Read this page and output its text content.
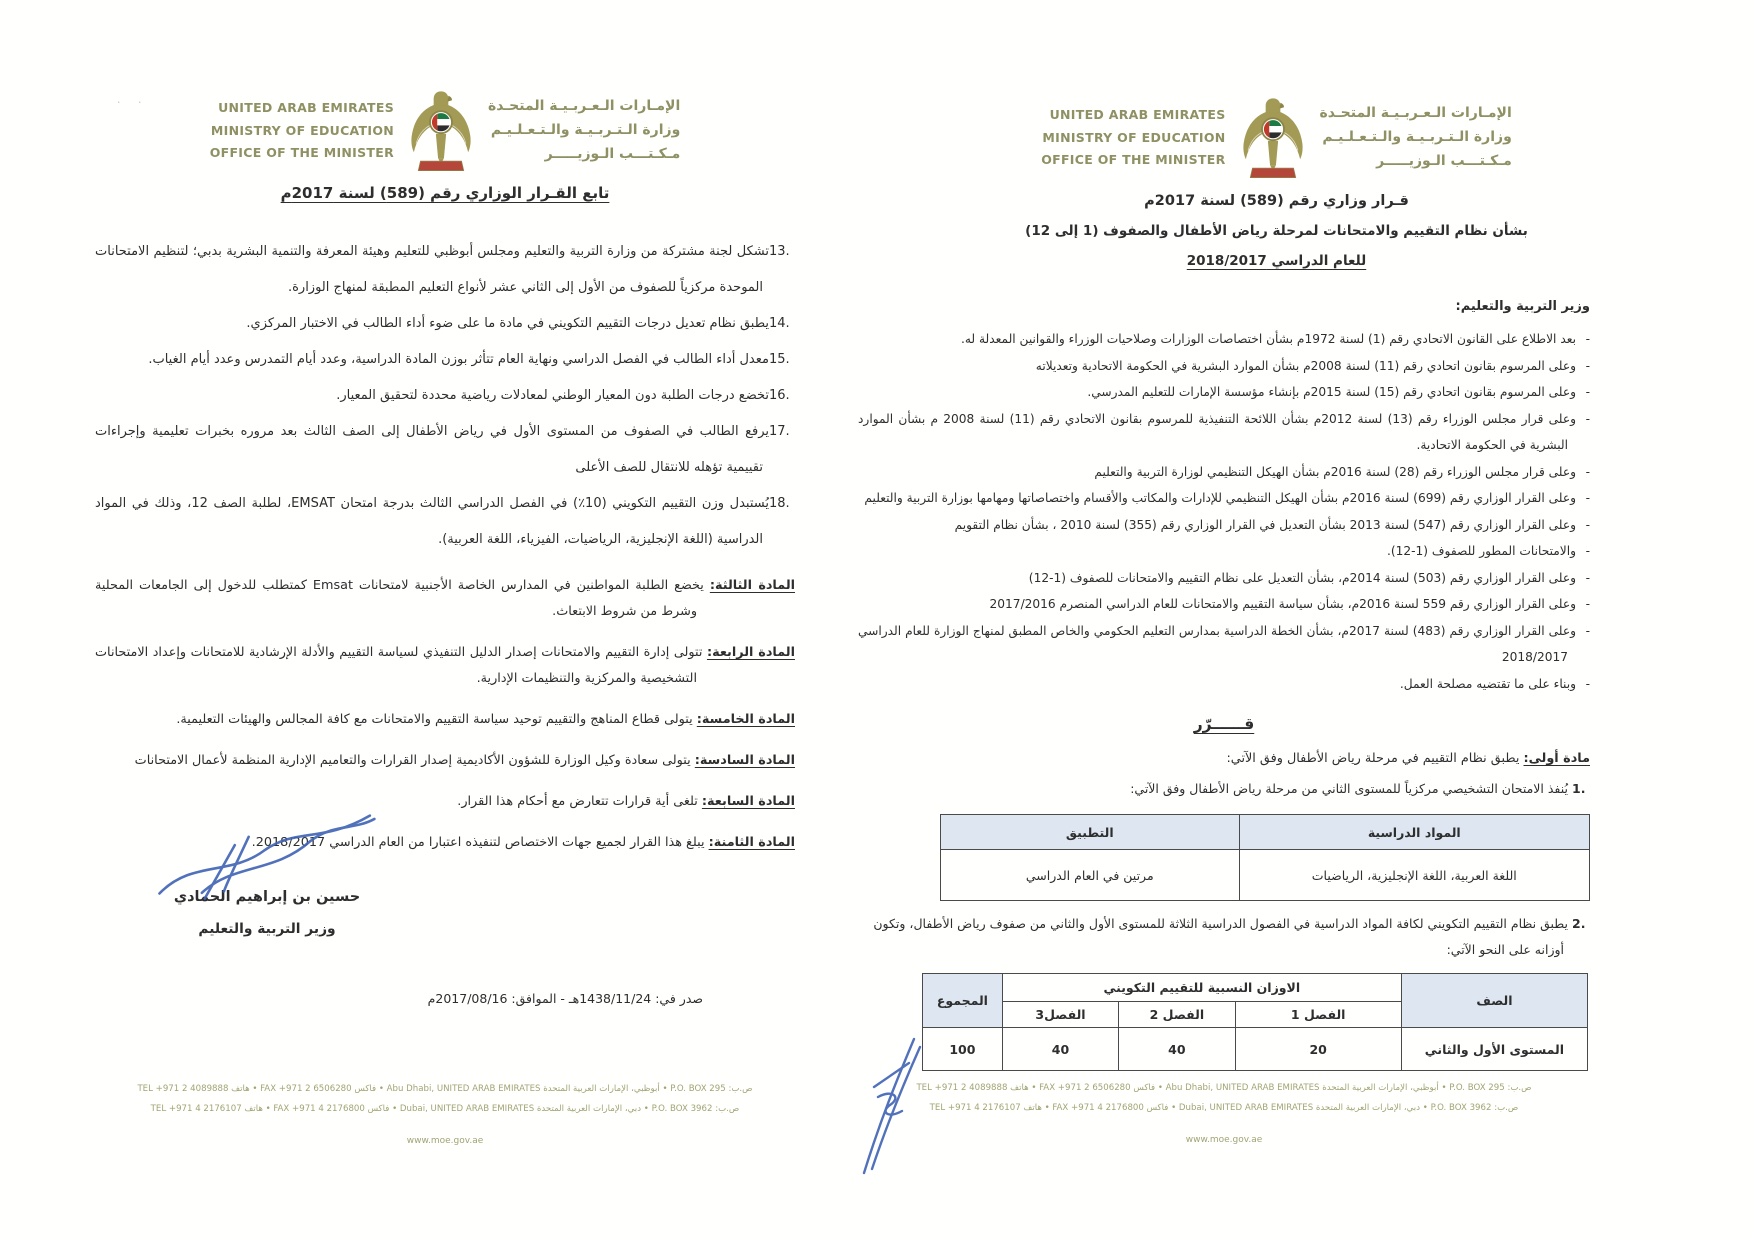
· ·	UNITED ARAB EMIRATES
MINISTRY OF EDUCATION
OFFICE OF THE MINISTER
الإمـارات الـعـربـيـة المتحـدة
وزارة الـتـربـيـة والـتـعـلـيـم
مـكـتـــب الـوزيـــــر
تابع القـرار الوزاري رقم (589) لسنة 2017م
13.تشكل لجنة مشتركة من وزارة التربية والتعليم ومجلس أبوظبي للتعليم وهيئة المعرفة والتنمية البشرية بدبي؛ لتنظيم الامتحانات الموحدة مركزياً للصفوف من الأول إلى الثاني عشر لأنواع التعليم المطبقة لمنهاج الوزارة.
14.يطبق نظام تعديل درجات التقييم التكويني في مادة ما على ضوء أداء الطالب في الاختبار المركزي.
15.معدل أداء الطالب في الفصل الدراسي ونهاية العام تتأثر بوزن المادة الدراسية، وعدد أيام التمدرس وعدد أيام الغياب.
16.تخضع درجات الطلبة دون المعيار الوطني لمعادلات رياضية محددة لتحقيق المعيار.
17.يرفع الطالب في الصفوف من المستوى الأول في رياض الأطفال إلى الصف الثالث بعد مروره بخبرات تعليمية وإجراءات تقييمية تؤهله للانتقال للصف الأعلى
18.يُستبدل وزن التقييم التكويني (10٪) في الفصل الدراسي الثالث بدرجة امتحان EMSAT، لطلبة الصف 12، وذلك في المواد الدراسية (اللغة الإنجليزية، الرياضيات، الفيزياء، اللغة العربية).
المادة الثالثة: يخضع الطلبة المواطنين في المدارس الخاصة الأجنبية لامتحانات Emsat كمتطلب للدخول إلى الجامعات المحلية وشرط من شروط الابتعاث.
المادة الرابعة: تتولى إدارة التقييم والامتحانات إصدار الدليل التنفيذي لسياسة التقييم والأدلة الإرشادية للامتحانات وإعداد الامتحانات التشخيصية والمركزية والتنظيمات الإدارية.
المادة الخامسة: يتولى قطاع المناهج والتقييم توحيد سياسة التقييم والامتحانات مع كافة المجالس والهيئات التعليمية.
المادة السادسة: يتولى سعادة وكيل الوزارة للشؤون الأكاديمية إصدار القرارات والتعاميم الإدارية المنظمة لأعمال الامتحانات
المادة السابعة: تلغى أية قرارات تتعارض مع أحكام هذا القرار.
المادة الثامنة: يبلغ هذا القرار لجميع جهات الاختصاص لتنفيذه اعتبارا من العام الدراسي 2018/2017.
حسين بن إبراهيم الحمادي
وزير التربية والتعليم
صدر في: 1438/11/24هـ - الموافق: 2017/08/16م
ص.ب: P.O. BOX 295 • أبوظبي، الإمارات العربية المتحدة Abu Dhabi, UNITED ARAB EMIRATES • فاكس FAX +971 2 6506280 • هاتف TEL +971 2 4089888
ص.ب: P.O. BOX 3962 • دبي، الإمارات العربية المتحدة Dubai, UNITED ARAB EMIRATES • فاكس FAX +971 4 2176800 • هاتف TEL +971 4 2176107
www.moe.gov.ae
UNITED ARAB EMIRATES
MINISTRY OF EDUCATION
OFFICE OF THE MINISTER
الإمـارات الـعـربـيـة المتحـدة
وزارة الـتـربـيـة والـتـعـلـيـم
مـكـتـــب الـوزيـــــر
قـرار وزاري رقم (589) لسنة 2017م
بشأن نظام التقييم والامتحانات لمرحلة رياض الأطفال والصفوف (1 إلى 12)
للعام الدراسي 2018/2017
وزير التربية والتعليم:
-بعد الاطلاع على القانون الاتحادي رقم (1) لسنة 1972م بشأن اختصاصات الوزارات وصلاحيات الوزراء والقوانين المعدلة له.
-وعلى المرسوم بقانون اتحادي رقم (11) لسنة 2008م بشأن الموارد البشرية في الحكومة الاتحادية وتعديلاته
-وعلى المرسوم بقانون اتحادي رقم (15) لسنة 2015م بإنشاء مؤسسة الإمارات للتعليم المدرسي.
-وعلى قرار مجلس الوزراء رقم (13) لسنة 2012م بشأن اللائحة التنفيذية للمرسوم بقانون الاتحادي رقم (11) لسنة 2008 م بشأن الموارد البشرية في الحكومة الاتحادية.
-وعلى قرار مجلس الوزراء رقم (28) لسنة 2016م بشأن الهيكل التنظيمي لوزارة التربية والتعليم
-وعلى القرار الوزاري رقم (699) لسنة 2016م بشأن الهيكل التنظيمي للإدارات والمكاتب والأقسام واختصاصاتها ومهامها بوزارة التربية والتعليم
-وعلى القرار الوزاري رقم (547) لسنة 2013 بشأن التعديل في القرار الوزاري رقم (355) لسنة 2010 ، بشأن نظام التقويم
-والامتحانات المطور للصفوف (1-12).
-وعلى القرار الوزاري رقم (503) لسنة 2014م، بشأن التعديل على نظام التقييم والامتحانات للصفوف (1-12)
-وعلى القرار الوزاري رقم 559 لسنة 2016م، بشأن سياسة التقييم والامتحانات للعام الدراسي المنصرم 2017/2016
-وعلى القرار الوزاري رقم (483) لسنة 2017م، بشأن الخطة الدراسية بمدارس التعليم الحكومي والخاص المطبق لمنهاج الوزارة للعام الدراسي 2018/2017
-وبناء على ما تقتضيه مصلحة العمل.
قــــــرّر
مادة أولى: يطبق نظام التقييم في مرحلة رياض الأطفال وفق الآتي:
1. يُنفذ الامتحان التشخيصي مركزياً للمستوى الثاني من مرحلة رياض الأطفال وفق الآتي:
المواد الدراسية	التطبيق
اللغة العربية، اللغة الإنجليزية، الرياضيات	مرتين في العام الدراسي
2. يطبق نظام التقييم التكويني لكافة المواد الدراسية في الفصول الدراسية الثلاثة للمستوى الأول والثاني من صفوف رياض الأطفال، وتكون أوزانه على النحو الآتي:
الصف	الاوزان النسبية للتقييم التكويني			المجموع
	الفصل 1	الفصل 2	الفصل3	
المستوى الأول والثاني	20	40	40	100
ص.ب: P.O. BOX 295 • أبوظبي، الإمارات العربية المتحدة Abu Dhabi, UNITED ARAB EMIRATES • فاكس FAX +971 2 6506280 • هاتف TEL +971 2 4089888
ص.ب: P.O. BOX 3962 • دبي، الإمارات العربية المتحدة Dubai, UNITED ARAB EMIRATES • فاكس FAX +971 4 2176800 • هاتف TEL +971 4 2176107
www.moe.gov.ae
